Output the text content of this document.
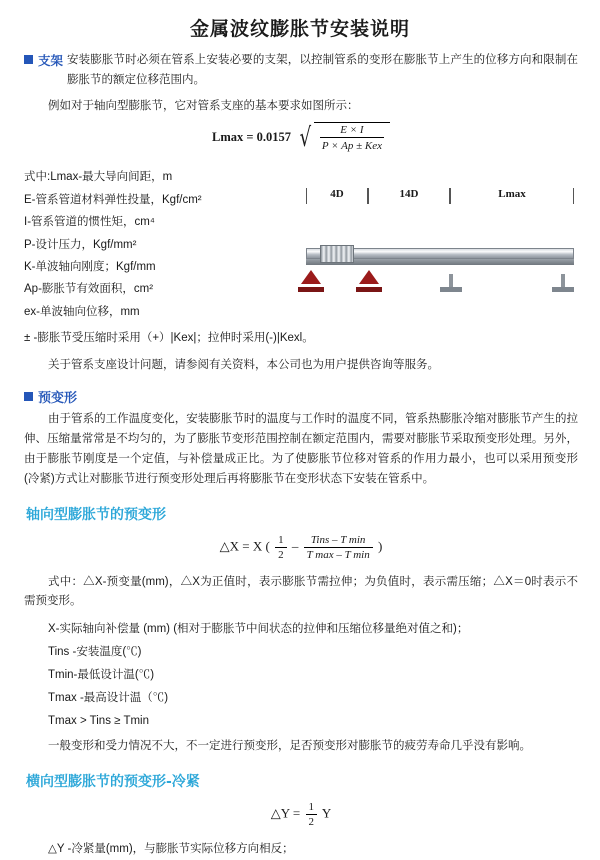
金属波纹膨胀节安装说明
支架 安装膨胀节时必须在管系上安装必要的支架，以控制管系的变形在膨胀节上产生的位移方向和限制在膨胀节的额定位移范围内。

例如对于轴向型膨胀节，它对管系支座的基本要求如图所示：

Lmax = 0.0157 √ $\frac{E \times I}{\text{P × Ap ± Kex}}$
式中:Lmax-最大导向间距，m
E-管系管道材料弹性投量，Kgf/cm²
I-管系管道的惯性矩，cm⁴
P-设计压力，Kgf/mm²
K-单波轴向刚度；Kgf/mm
Ap-膨胀节有效面积，cm²
ex-单波轴向位移，mm
4D	14D	Lmax
± -膨胀节受压缩时采用（+）|Kex|；拉伸时采用(-)|Kexl。

关于管系支座设计问题，请参阅有关资料，本公司也为用户提供咨询等服务。

预变形

由于管系的工作温度变化，安装膨胀节时的温度与工作时的温度不同，管系热膨胀冷缩对膨胀节产生的拉伸、压缩量常常是不均匀的，为了膨胀节变形范围控制在额定范围内，需要对膨胀节采取预变形处理。另外，由于膨胀节刚度是一个定值，与补偿量成正比。为了使膨胀节位移对管系的作用力最小，也可以采用预变形(冷紧)方式让对膨胀节进行预变形处理后再将膨胀节在变形状态下安装在管系中。

轴向型膨胀节的预变形
△X = X ( $\frac{1}{2} - \frac{\text{Tins – T min}}{\text{T max – T min}}$ )

式中：△X-预变量(mm)，△X为正值时，表示膨胀节需拉伸；为负值时，表示需压缩；△X＝0时表示不需预变形。

X-实际轴向补偿量 (mm) (相对于膨胀节中间状态的拉伸和压缩位移量绝对值之和)；
Tins -安装温度(℃)
Tmin-最低设计温(℃)
Tmax -最高设计温（℃)
Tmax > Tins ≥ Tmin

一般变形和受力情况不大，不一定进行预变形，足否预变形对膨胀节的疲劳寿命几乎没有影响。

横向型膨胀节的预变形-冷紧
△Y = $\frac{1}{2}$ Y

△Y -冷紧量(mm)，与膨胀节实际位移方向相反；
